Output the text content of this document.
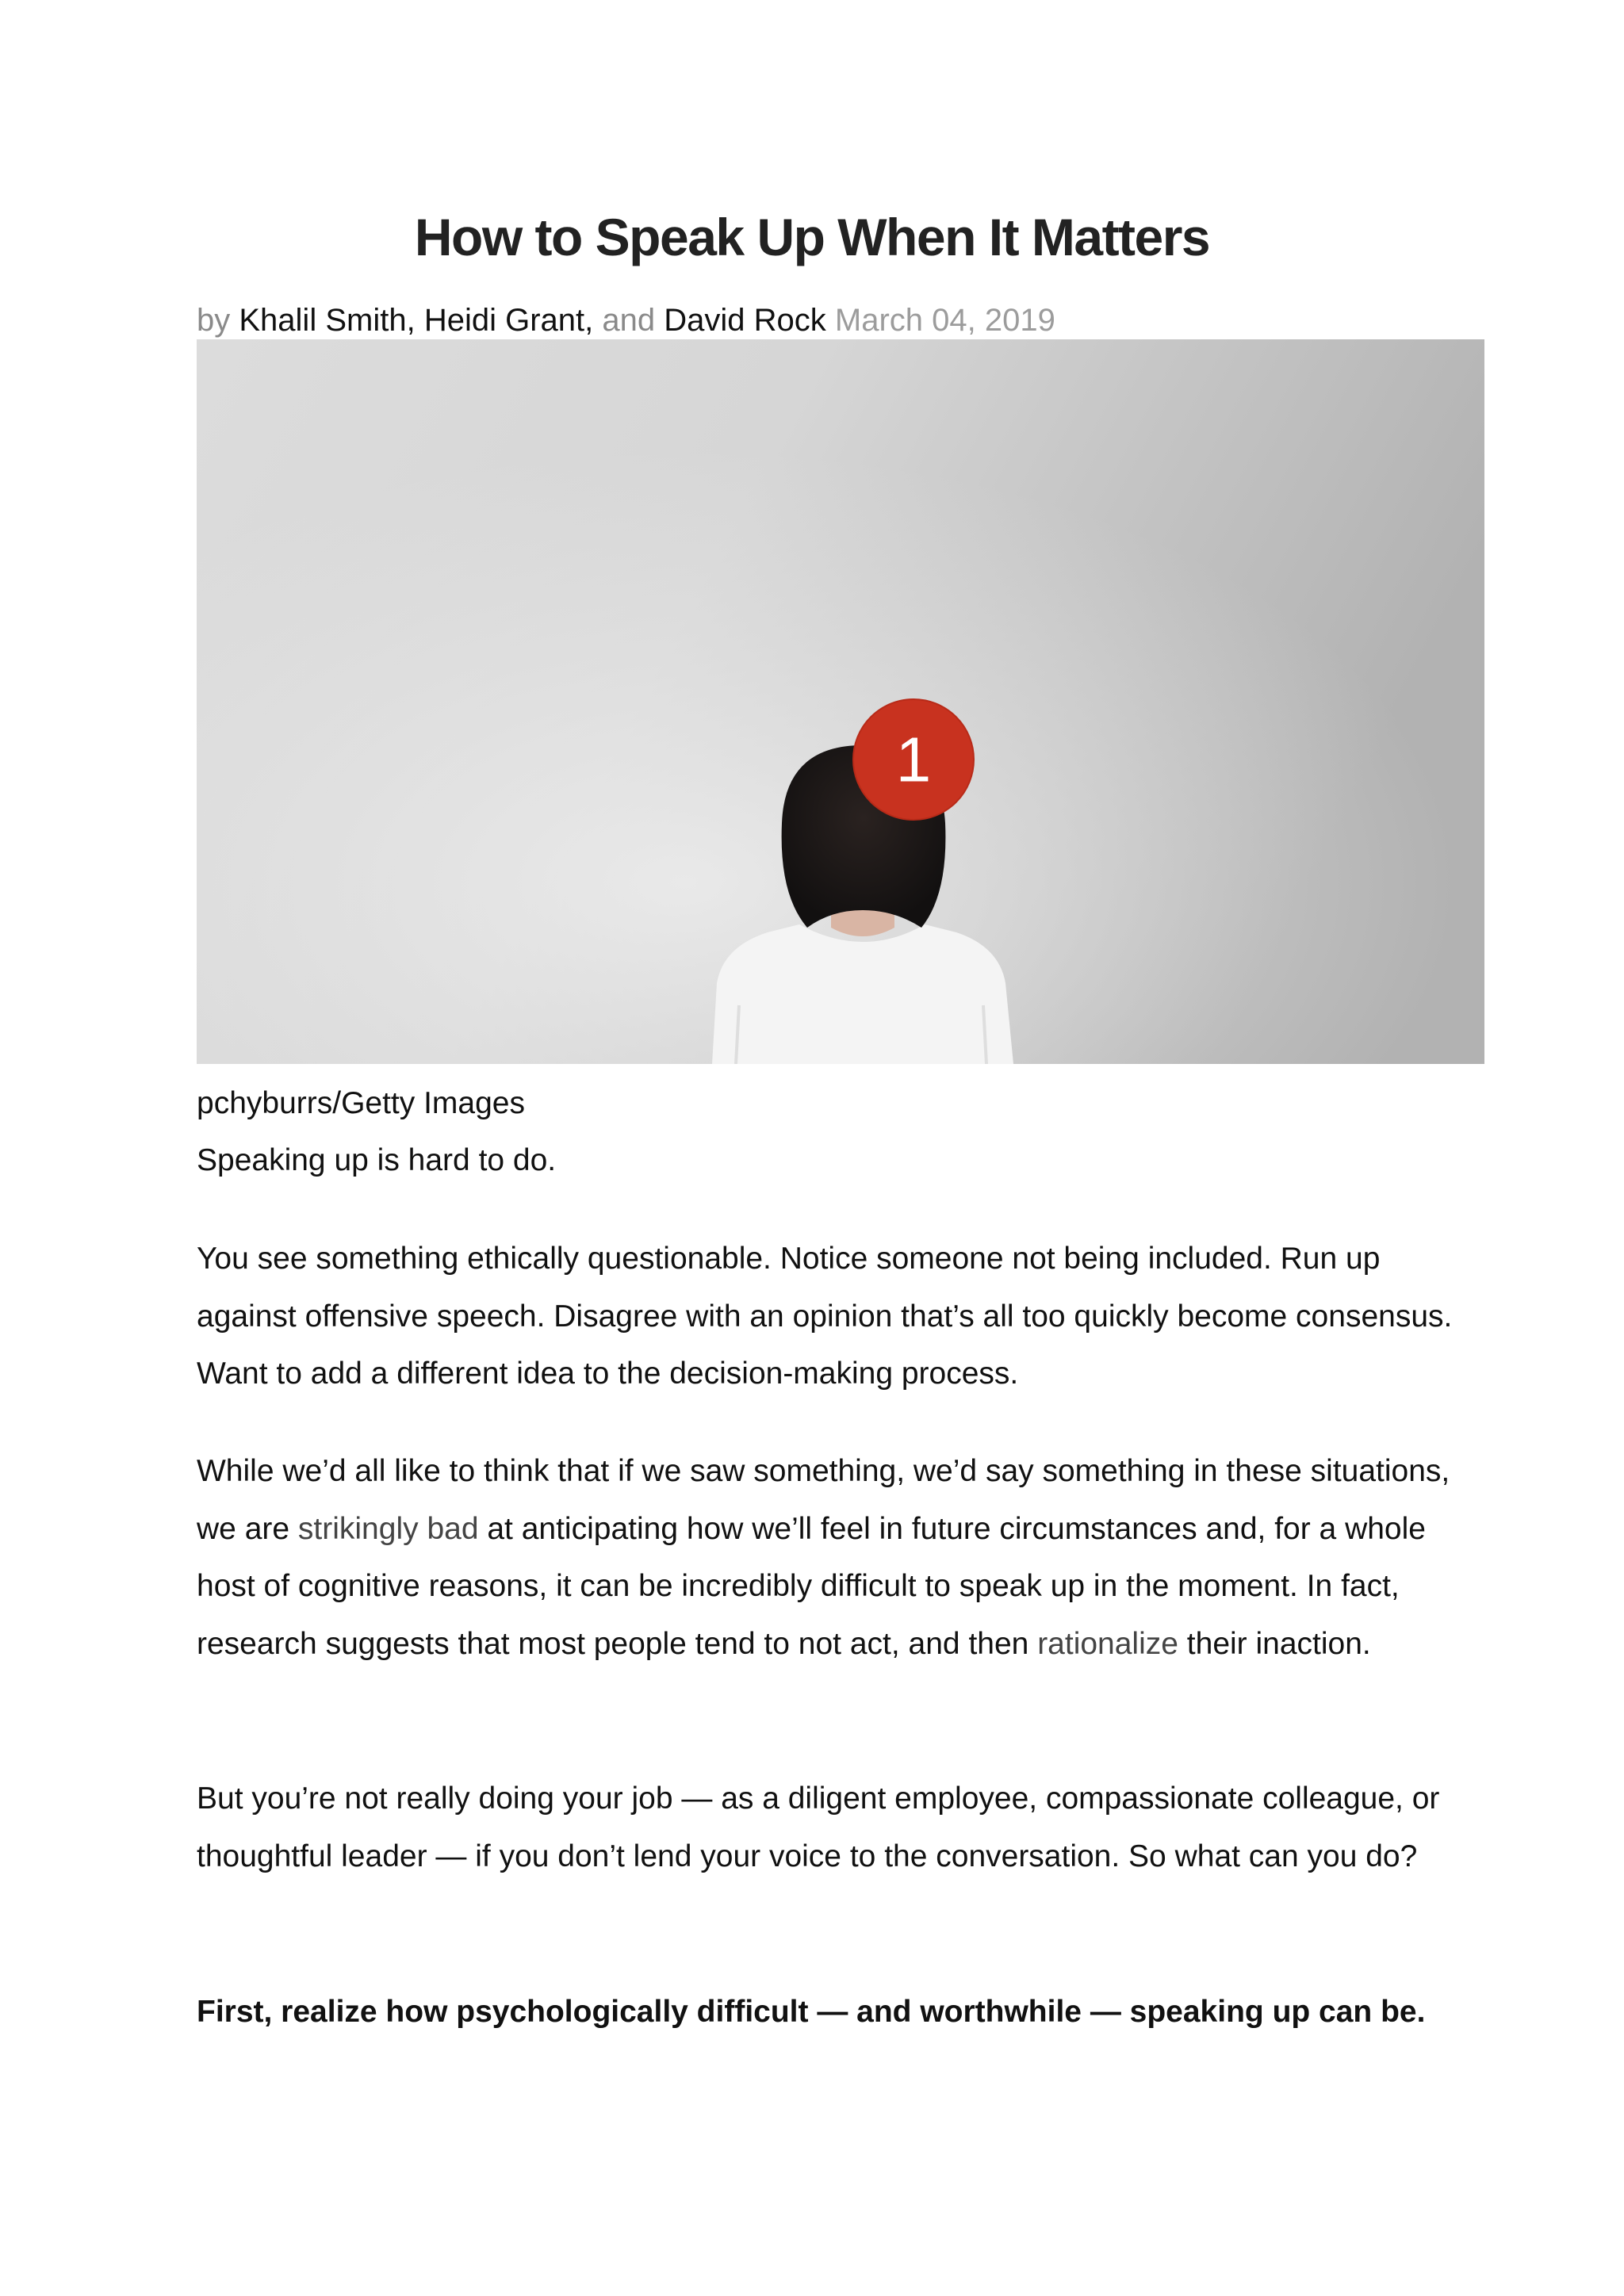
How to Speak Up When It Matters
by Khalil Smith, Heidi Grant, and David Rock March 04, 2019
1
pchyburrs/Getty Images
Speaking up is hard to do.

You see something ethically questionable. Notice someone not being included. Run up against offensive speech. Disagree with an opinion that’s all too quickly become consensus. Want to add a different idea to the decision-making process.

While we’d all like to think that if we saw something, we’d say something in these situations, we are strikingly bad at anticipating how we’ll feel in future circumstances and, for a whole host of cognitive reasons, it can be incredibly difficult to speak up in the moment. In fact, research suggests that most people tend to not act, and then rationalize their inaction.

But you’re not really doing your job — as a diligent employee, compassionate colleague, or thoughtful leader — if you don’t lend your voice to the conversation. So what can you do?

First, realize how psychologically difficult — and worthwhile — speaking up can be.
